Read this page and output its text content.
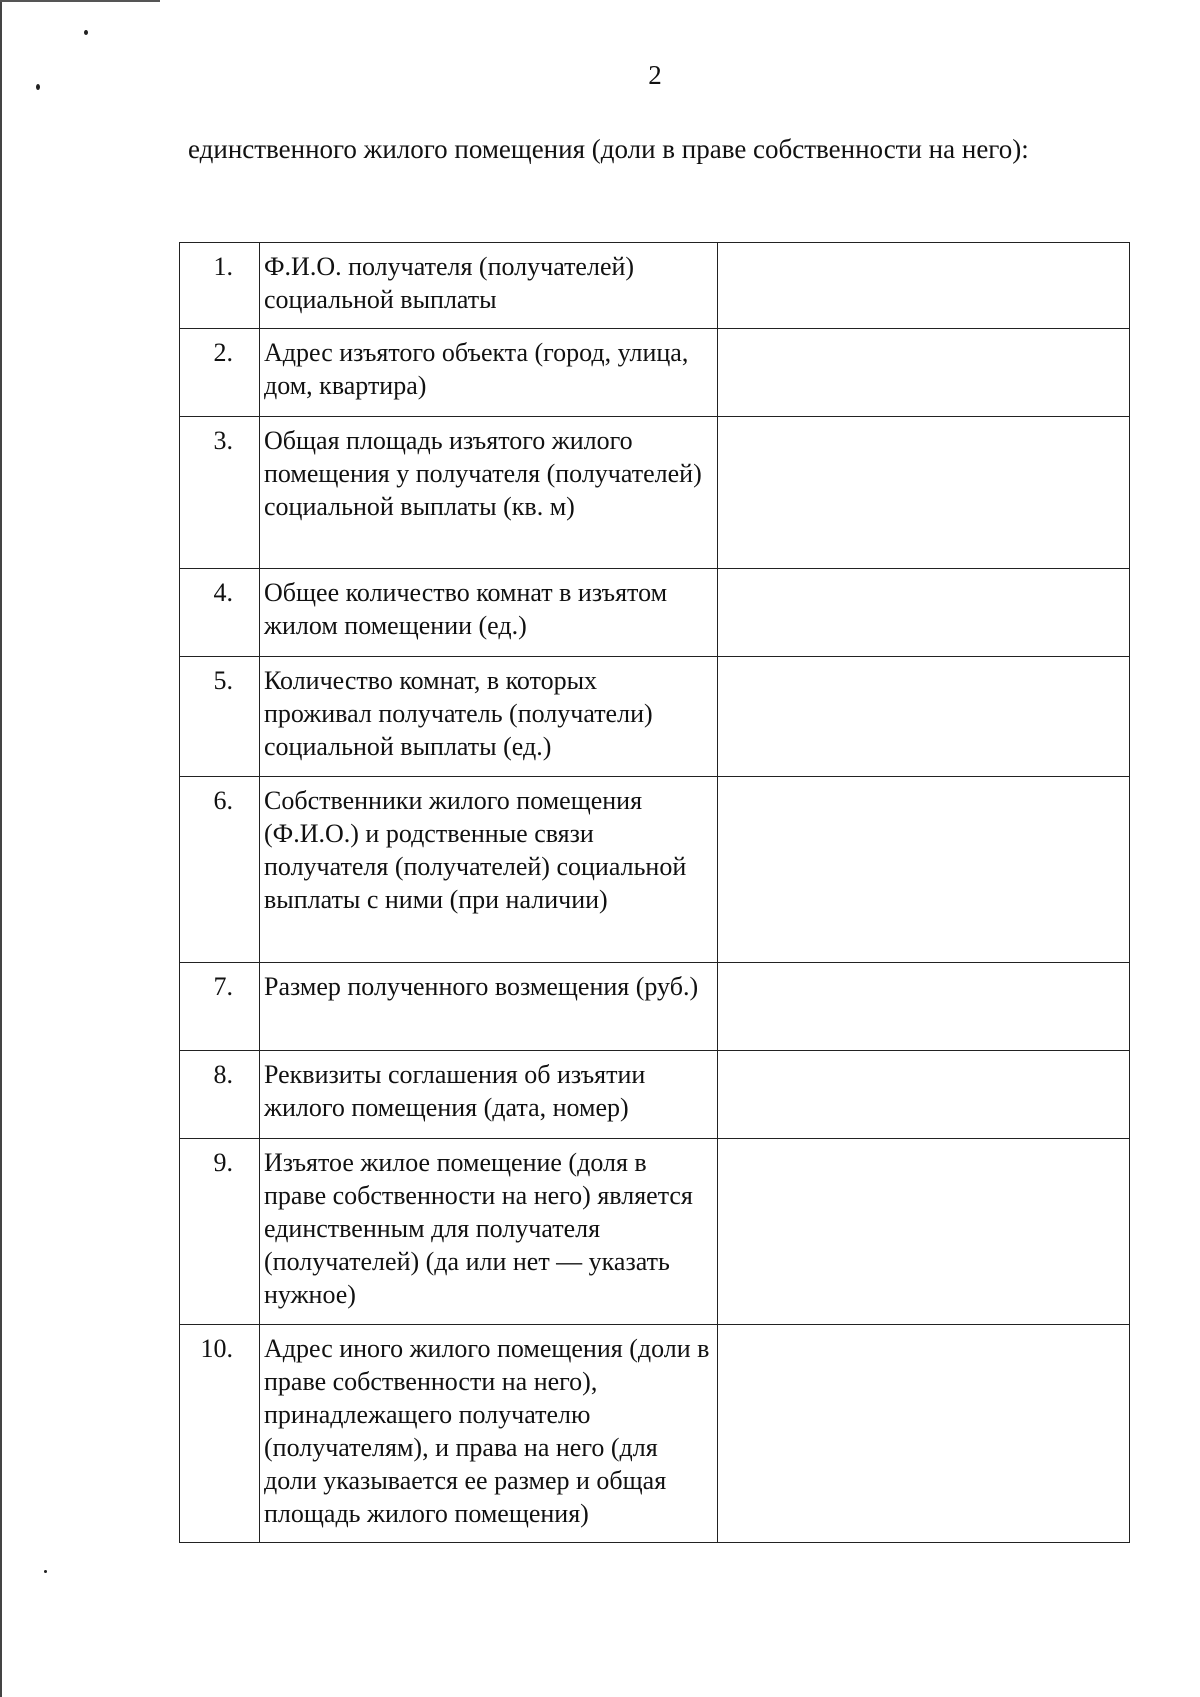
2
единственного жилого помещения (доли в праве собственности на него):
1.	Ф.И.О. получателя (получателей) социальной выплаты	
2.	Адрес изъятого объекта (город, улица, дом, квартира)	
3.	Общая площадь изъятого жилого помещения у получателя (получателей) социальной выплаты (кв. м)	
4.	Общее количество комнат в изъятом жилом помещении (ед.)	
5.	Количество комнат, в которых проживал получатель (получатели) социальной выплаты (ед.)	
6.	Собственники жилого помещения (Ф.И.О.) и родственные связи получателя (получателей) социальной выплаты с ними (при наличии)	
7.	Размер полученного возмещения (руб.)	
8.	Реквизиты соглашения об изъятии жилого помещения (дата, номер)	
9.	Изъятое жилое помещение (доля в праве собственности на него) является единственным для получателя (получателей) (да или нет — указать нужное)	
10.	Адрес иного жилого помещения (доли в праве собственности на него), принадлежащего получателю (получателям), и права на него (для доли указывается ее размер и общая площадь жилого помещения)	
